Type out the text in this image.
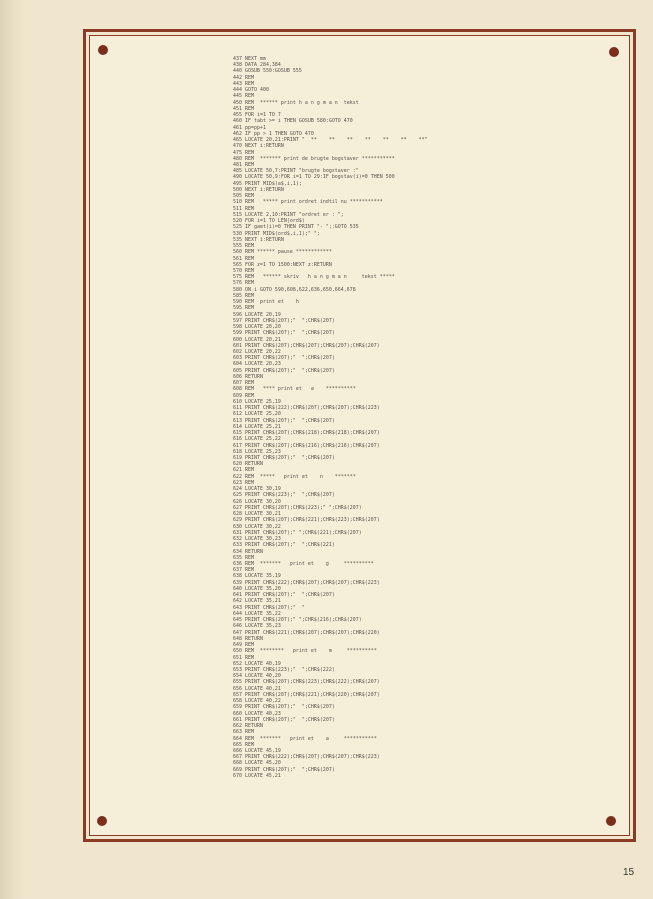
437 NEXT mm
438 DATA 284,384
440 GOSUB 550:GOSUB 555
442 REM
443 REM
444 GOTO 400
445 REM
450 REM  ****** print h a n g m a n  tekst
451 REM
455 FOR i=1 TO 7
460 IF tabt >= i THEN GOSUB 580:GOTO 470
461 pp=pp+1
462 IF pp > 1 THEN GOTO 470
465 LOCATE 20,21:PRINT "  **    **    **    **    **    **    **"
470 NEXT i:RETURN
475 REM
480 REM  ******* print de brugte bogstaver ***********
481 REM
485 LOCATE 50,7:PRINT "brugte bogstaver :"
490 LOCATE 50,9:FOR i=1 TO 29:IF bogstav(i)=0 THEN 500
495 PRINT MID$(a$,i,1);
500 NEXT i:RETURN
505 REM
510 REM   ***** print ordret indtil nu ***********
511 REM
515 LOCATE 2,10:PRINT "ordret er : ";
520 FOR i=1 TO LEN(ord$)
525 IF gaet(i)=0 THEN PRINT "- ";:GOTO 535
530 PRINT MID$(ord$,i,1);" ";
535 NEXT i:RETURN
555 REM
560 REM ****** pause ************
561 REM
565 FOR z=1 TO 1500:NEXT z:RETURN
570 REM
575 REM   ****** skriv   h a n g m a n     tekst *****
576 REM
580 ON i GOTO 590,608,622,636,650,664,678
585 REM
590 REM  print et    h
595 REM
596 LOCATE 20,19
597 PRINT CHR$(207);"  ";CHR$(207)
598 LOCATE 20,20
599 PRINT CHR$(207);"  ";CHR$(207)
600 LOCATE 20,21
601 PRINT CHR$(207);CHR$(207);CHR$(207);CHR$(207)
602 LOCATE 20,22
603 PRINT CHR$(207);"  ";CHR$(207)
604 LOCATE 20,23
605 PRINT CHR$(207);"  ";CHR$(207)
606 RETURN
607 REM
608 REM   **** print et   a    **********
609 REM
610 LOCATE 25,19
611 PRINT CHR$(222);CHR$(207);CHR$(207);CHR$(223)
612 LOCATE 25,20
613 PRINT CHR$(207);"  ";CHR$(207)
614 LOCATE 25,21
615 PRINT CHR$(207);CHR$(218);CHR$(218);CHR$(207)
616 LOCATE 25,22
617 PRINT CHR$(207);CHR$(216);CHR$(216);CHR$(207)
618 LOCATE 25,23
619 PRINT CHR$(207);"  ";CHR$(207)
620 RETURN
621 REM
622 REM  *****   print et    n    *******
623 REM
624 LOCATE 30,19
625 PRINT CHR$(223);"  ";CHR$(207)
626 LOCATE 30,20
627 PRINT CHR$(207);CHR$(223);" ";CHR$(207)
628 LOCATE 30,21
629 PRINT CHR$(207);CHR$(221);CHR$(223);CHR$(207)
630 LOCATE 30,22
631 PRINT CHR$(207);" ";CHR$(221);CHR$(207)
632 LOCATE 30,23
633 PRINT CHR$(207);"  ";CHR$(221)
634 RETURN
635 REM
636 REM  *******   print et    g     **********
637 REM
638 LOCATE 35,19
639 PRINT CHR$(222);CHR$(207);CHR$(207);CHR$(223)
640 LOCATE 35,20
641 PRINT CHR$(207);"  ";CHR$(207)
642 LOCATE 35,21
643 PRINT CHR$(207);"  "
644 LOCATE 35,22
645 PRINT CHR$(207);" ";CHR$(216);CHR$(207)
646 LOCATE 35,23
647 PRINT CHR$(221);CHR$(207);CHR$(207);CHR$(220)
648 RETURN
649 REM
650 REM  ********   print et    m     **********
651 REM
652 LOCATE 40,19
653 PRINT CHR$(223);"  ";CHR$(222)
654 LOCATE 40,20
655 PRINT CHR$(207);CHR$(223);CHR$(222);CHR$(207)
656 LOCATE 40,21
657 PRINT CHR$(207);CHR$(221);CHR$(220);CHR$(207)
658 LOCATE 40,22
659 PRINT CHR$(207);"  ";CHR$(207)
660 LOCATE 40,23
661 PRINT CHR$(207);"  ";CHR$(207)
662 RETURN
663 REM
664 REM  *******   print et    a     ***********
665 REM
666 LOCATE 45,19
667 PRINT CHR$(222);CHR$(207);CHR$(207);CHR$(223)
668 LOCATE 45,20
669 PRINT CHR$(207);"  ";CHR$(207)
670 LOCATE 45,21
15
